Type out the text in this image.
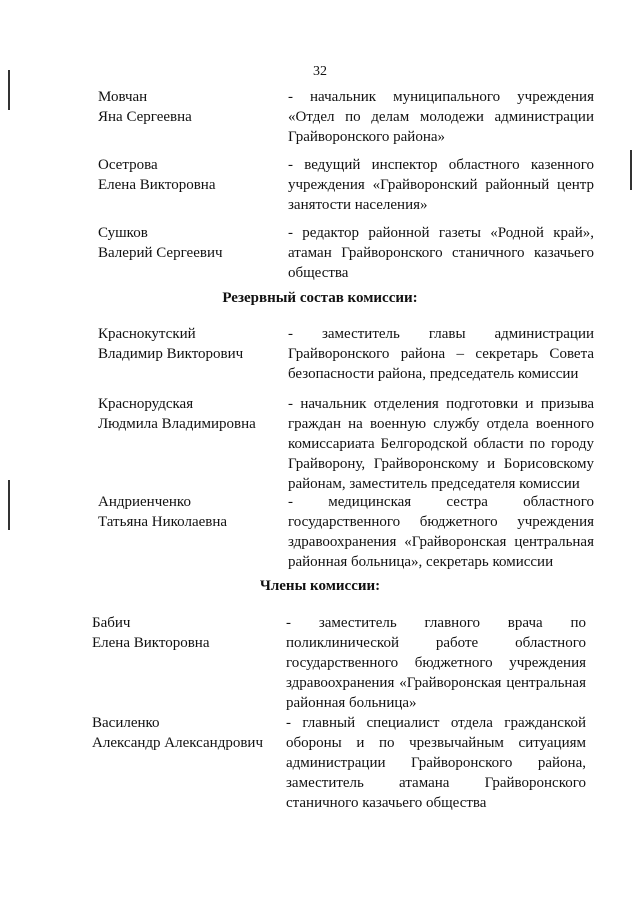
32
Мовчан
Яна Сергеевна
- начальник муниципального учреждения «Отдел по делам молодежи администрации Грайворонского района»
Осетрова
Елена Викторовна
- ведущий инспектор областного казенного учреждения «Грайворонский районный центр занятости населения»
Сушков
Валерий Сергеевич
- редактор районной газеты «Родной край», атаман Грайворонского станичного казачьего общества
Резервный состав комиссии:
Краснокутский
Владимир Викторович
- заместитель главы администрации Грайворонского района – секретарь Совета безопасности района, председатель комиссии
Краснорудская
Людмила Владимировна
- начальник отделения подготовки и призыва граждан на военную службу отдела военного комиссариата Белгородской области по городу Грайворону, Грайворонскому и Борисовскому районам, заместитель председателя комиссии
Андриенченко
Татьяна Николаевна
- медицинская сестра областного государственного бюджетного учреждения здравоохранения «Грайворонская центральная районная больница», секретарь комиссии
Члены комиссии:
Бабич
Елена Викторовна
- заместитель главного врача по поликлинической работе областного государственного бюджетного учреждения здравоохранения «Грайворонская центральная районная больница»
Василенко
Александр Александрович
- главный специалист отдела гражданской обороны и по чрезвычайным ситуациям администрации Грайворонского района, заместитель атамана Грайворонского станичного казачьего общества
